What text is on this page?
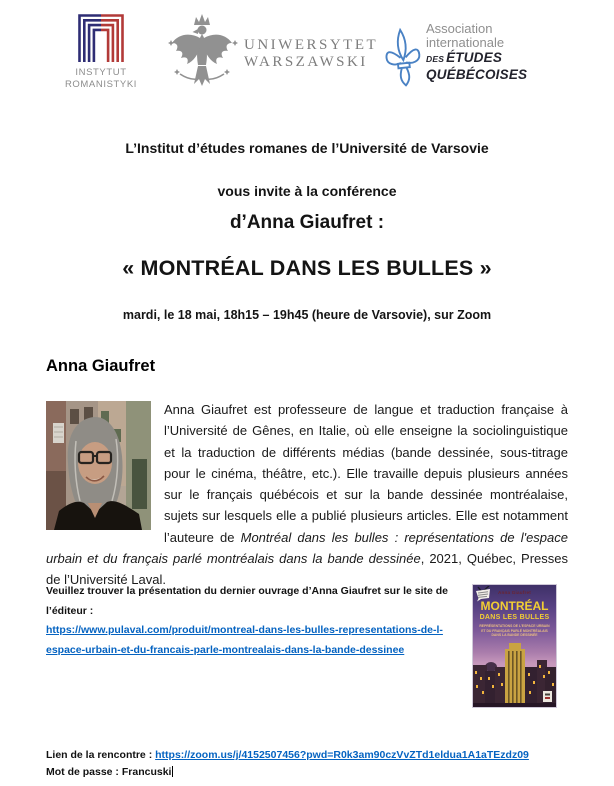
INSTYTUT
ROMANISTYKI
UNIWERSYTET
WARSZAWSKI
Association
internationale
DES ÉTUDES
QUÉBÉCOISES
L’Institut d’études romanes de l’Université de Varsovie
vous invite à la conférence
d’Anna Giaufret :
« MONTRÉAL DANS LES BULLES »
mardi, le 18 mai, 18h15 – 19h45 (heure de Varsovie), sur Zoom
Anna Giaufret
Anna Giaufret est professeure de langue et traduction française à l’Université de Gênes, en Italie, où elle enseigne la sociolinguistique et la traduction de différents médias (bande dessinée, sous-titrage pour le cinéma, théâtre, etc.). Elle travaille depuis plusieurs années sur le français québécois et sur la bande dessinée montréalaise, sujets sur lesquels elle a publié plusieurs articles. Elle est notamment l’auteure de Montréal dans les bulles : représentations de l'espace urbain et du français parlé montréalais dans la bande dessinée, 2021, Québec, Presses de l’Université Laval.
Veuillez trouver la présentation du dernier ouvrage d’Anna Giaufret sur le site de l’éditeur :
https://www.pulaval.com/produit/montreal-dans-les-bulles-representations-de-l-espace-urbain-et-du-francais-parle-montrealais-dans-la-bande-dessinee
Anna Giaufret
MONTRÉAL
DANS LES BULLES
REPRÉSENTATIONS DE L’ESPACE URBAIN
ET DU FRANÇAIS PARLÉ MONTRÉALAIS
DANS LA BANDE DESSINÉE
Lien de la rencontre : https://zoom.us/j/4152507456?pwd=R0k3am90czVvZTd1eldua1A1aTEzdz09
Mot de passe : Francuski
